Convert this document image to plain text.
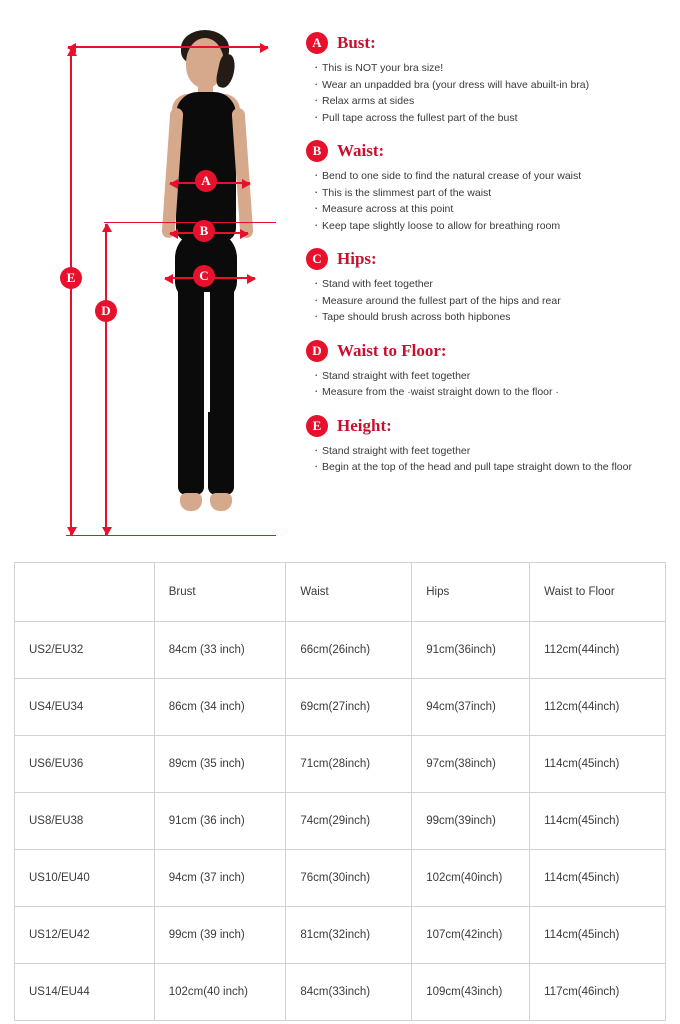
E
D
A
B
C
A Bust:
· This is NOT your bra size!
· Wear an unpadded bra (your dress will have abuilt-in bra)
· Relax arms at sides
· Pull tape across the fullest part of the bust
B Waist:
· Bend to one side to find the natural crease of your waist
· This is the slimmest part of the waist
· Measure across at this point
· Keep tape slightly loose to allow for breathing room
C Hips:
· Stand with feet together
· Measure around the fullest part of the hips and rear
· Tape should brush across both hipbones
D Waist to Floor:
· Stand straight with feet together
· Measure from the ·waist straight down to the floor ·
E Height:
· Stand straight with feet together
· Begin at the top of the head and pull tape straight down to the floor
	Brust	Waist	Hips	Waist to Floor
US2/EU32	84cm (33 inch)	66cm(26inch)	91cm(36inch)	112cm(44inch)
US4/EU34	86cm (34 inch)	69cm(27inch)	94cm(37inch)	112cm(44inch)
US6/EU36	89cm (35 inch)	71cm(28inch)	97cm(38inch)	114cm(45inch)
US8/EU38	91cm (36 inch)	74cm(29inch)	99cm(39inch)	114cm(45inch)
US10/EU40	94cm (37 inch)	76cm(30inch)	102cm(40inch)	114cm(45inch)
US12/EU42	99cm (39 inch)	81cm(32inch)	107cm(42inch)	114cm(45inch)
US14/EU44	102cm(40 inch)	84cm(33inch)	109cm(43inch)	117cm(46inch)
